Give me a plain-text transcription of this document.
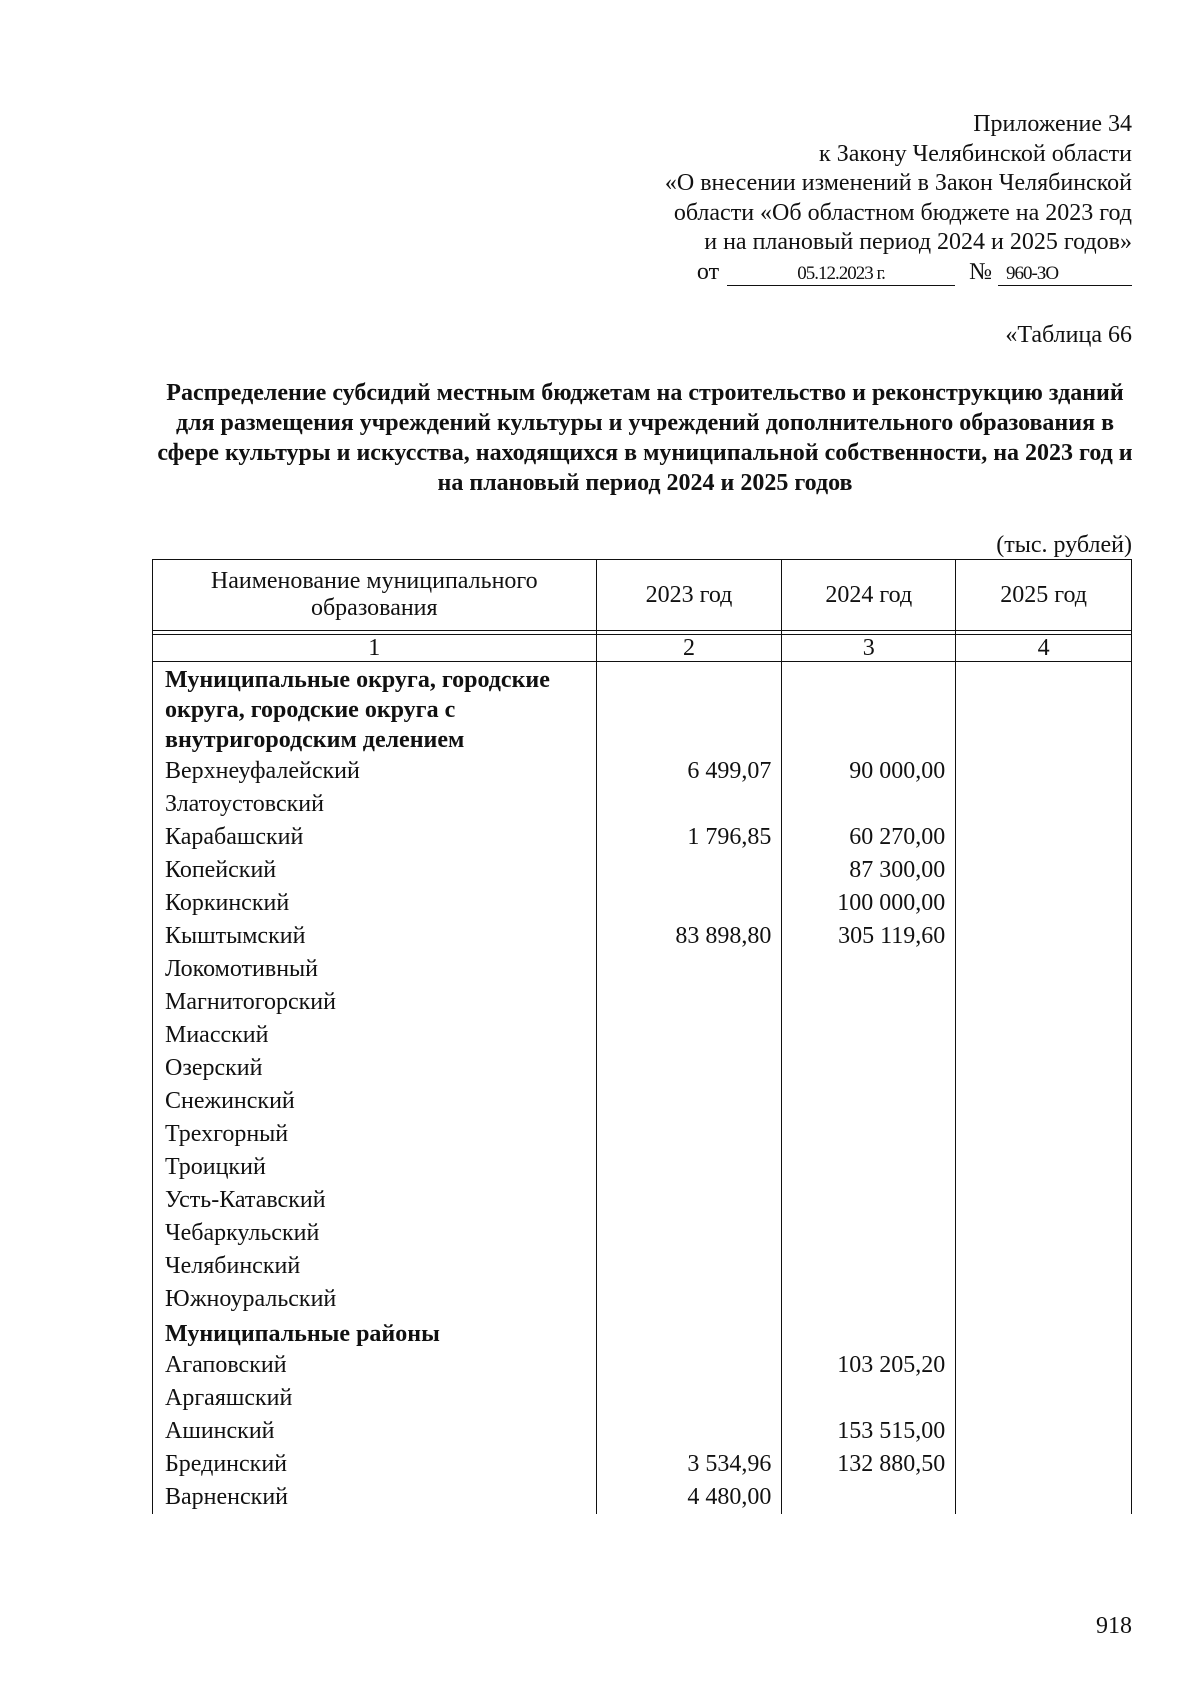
Приложение 34
к Закону Челябинской области
«О внесении изменений в Закон Челябинской
области «Об областном бюджете на 2023 год
и на плановый период 2024 и 2025 годов»
от	05.12.2023 г.	№ 960-ЗО
«Таблица 66
Распределение субсидий местным бюджетам на строительство и реконструкцию зданий для размещения учреждений культуры и учреждений дополнительного образования в сфере культуры и искусства, находящихся в муниципальной собственности, на 2023 год и на плановый период 2024 и 2025 годов
(тыс. рублей)
Наименование муниципального образования	2023 год	2024 год	2025 год

1	2	3	4
Муниципальные округа, городские округа, городские округа с внутригородским делением			
Верхнеуфалейский	6 499,07	90 000,00	
Златоустовский			
Карабашский	1 796,85	60 270,00	
Копейский		87 300,00	
Коркинский		100 000,00	
Кыштымский	83 898,80	305 119,60	
Локомотивный			
Магнитогорский			
Миасский			
Озерский			
Снежинский			
Трехгорный			
Троицкий			
Усть-Катавский			
Чебаркульский			
Челябинский			
Южноуральский			
Муниципальные районы			
Агаповский		103 205,20	
Аргаяшский			
Ашинский		153 515,00	
Брединский	3 534,96	132 880,50	
Варненский	4 480,00		
918
